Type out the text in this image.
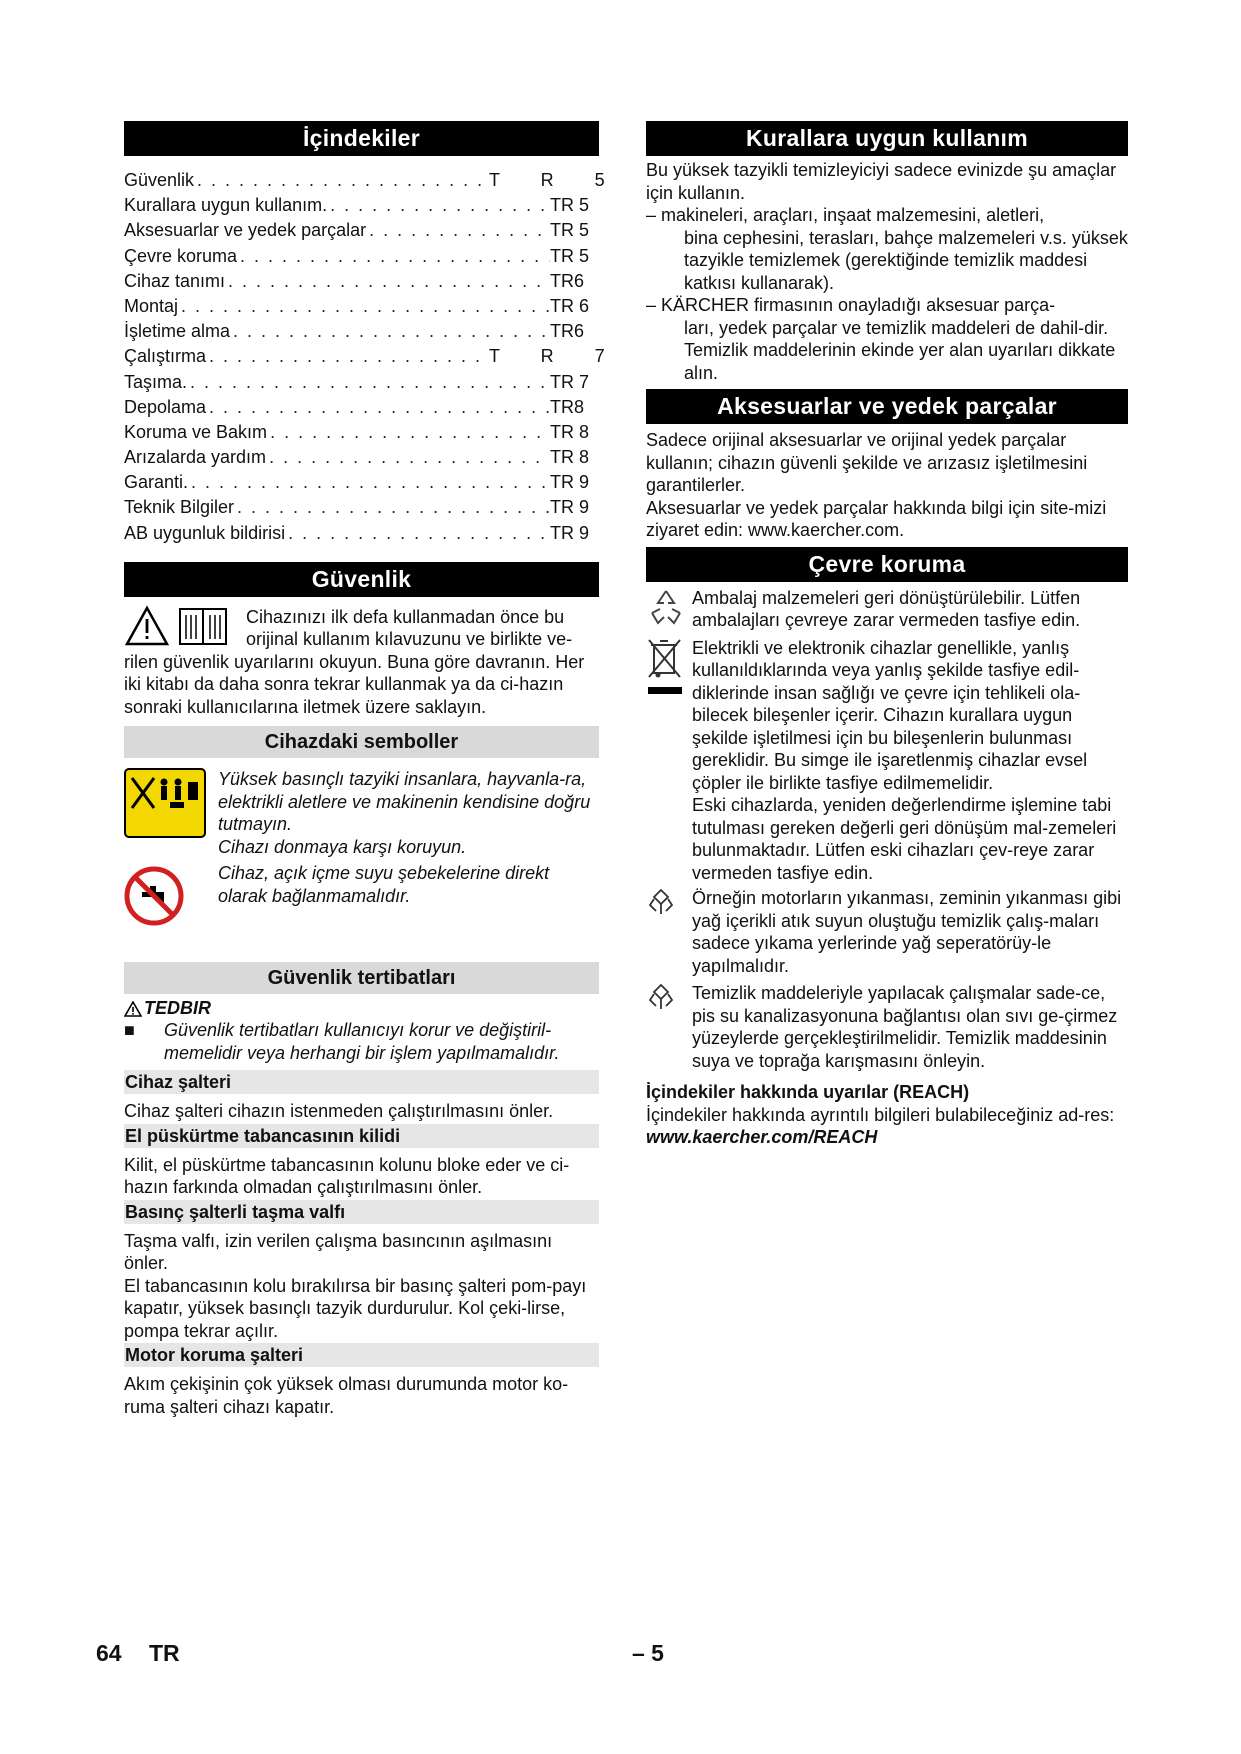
İçindekiler
Güvenlik . . .	T R 5
Kurallara uygun kullanım. . . .	TR 5
Aksesuarlar ve yedek parçalar . . .	TR 5
Çevre koruma . . .	TR 5
Cihaz tanımı . . .	TR6
Montaj . . .	TR 6
İşletime alma . . .	TR6
Çalıştırma . . .	T R 7
Taşıma. . . .	TR 7
Depolama . . .	TR8
Koruma ve Bakım . . .	TR 8
Arızalarda yardım . . .	TR 8
Garanti. . . .	TR 9
Teknik Bilgiler . . .	TR 9
AB uygunluk bildirisi . . .	TR 9
Güvenlik

Cihazınızı ilk defa kullanmadan önce bu orijinal kullanım kılavuzunu ve birlikte ve-

rilen güvenlik uyarılarını okuyun. Buna göre davranın. Her iki kitabı da daha sonra tekrar kullanmak ya da ci-hazın sonraki kullanıcılarına iletmek üzere saklayın.

Cihazdaki semboller

Yüksek basınçlı tazyiki insanlara, hayvanla-ra, elektrikli aletlere ve makinenin kendisine doğru tutmayın.

Cihazı donmaya karşı koruyun.

Cihaz, açık içme suyu şebekelerine direkt olarak bağlanmamalıdır.

Güvenlik tertibatları
TEDBIR
■	Güvenlik tertibatları kullanıcıyı korur ve değiştiril-memelidir veya herhangi bir işlem yapılmamalıdır.
Cihaz şalteri

Cihaz şalteri cihazın istenmeden çalıştırılmasını önler.

El püskürtme tabancasının kilidi

Kilit, el püskürtme tabancasının kolunu bloke eder ve ci-hazın farkında olmadan çalıştırılmasını önler.

Basınç şalterli taşma valfı

Taşma valfı, izin verilen çalışma basıncının aşılmasını önler.

El tabancasının kolu bırakılırsa bir basınç şalteri pom-payı kapatır, yüksek basınçlı tazyik durdurulur. Kol çeki-lirse, pompa tekrar açılır.

Motor koruma şalteri

Akım çekişinin çok yüksek olması durumunda motor ko-ruma şalteri cihazı kapatır.

Kurallara uygun kullanım

Bu yüksek tazyikli temizleyiciyi sadece evinizde şu amaçlar için kullanın.

– makineleri, araçları, inşaat malzemesini, aletleri,
bina cephesini, terasları, bahçe malzemeleri v.s. yüksek tazyikle temizlemek (gerektiğinde temizlik maddesi katkısı kullanarak).
– KÄRCHER firmasının onayladığı aksesuar parça-
ları, yedek parçalar ve temizlik maddeleri de dahil-dir. Temizlik maddelerinin ekinde yer alan uyarıları dikkate alın.
Aksesuarlar ve yedek parçalar

Sadece orijinal aksesuarlar ve orijinal yedek parçalar kullanın; cihazın güvenli şekilde ve arızasız işletilmesini garantilerler.

Aksesuarlar ve yedek parçalar hakkında bilgi için site-mizi ziyaret edin: www.kaercher.com.

Çevre koruma

Ambalaj malzemeleri geri dönüştürülebilir. Lütfen ambalajları çevreye zarar vermeden tasfiye edin.

Elektrikli ve elektronik cihazlar genellikle, yanlış kullanıldıklarında veya yanlış şekilde tasfiye edil-diklerinde insan sağlığı ve çevre için tehlikeli ola-bilecek bileşenler içerir. Cihazın kurallara uygun şekilde işletilmesi için bu bileşenlerin bulunması gereklidir. Bu simge ile işaretlenmiş cihazlar evsel çöpler ile birlikte tasfiye edilmemelidir.

Eski cihazlarda, yeniden değerlendirme işlemine tabi tutulması gereken değerli geri dönüşüm mal-zemeleri bulunmaktadır. Lütfen eski cihazları çev-reye zarar vermeden tasfiye edin.

Örneğin motorların yıkanması, zeminin yıkanması gibi yağ içerikli atık suyun oluştuğu temizlik çalış-maları sadece yıkama yerlerinde yağ seperatörüy-le yapılmalıdır.

Temizlik maddeleriyle yapılacak çalışmalar sade-ce, pis su kanalizasyonuna bağlantısı olan sıvı ge-çirmez yüzeylerde gerçekleştirilmelidir. Temizlik maddesinin suya ve toprağa karışmasını önleyin.

İçindekiler hakkında uyarılar (REACH)

İçindekiler hakkında ayrıntılı bilgileri bulabileceğiniz ad-res:

www.kaercher.com/REACH

64 TR	– 5
